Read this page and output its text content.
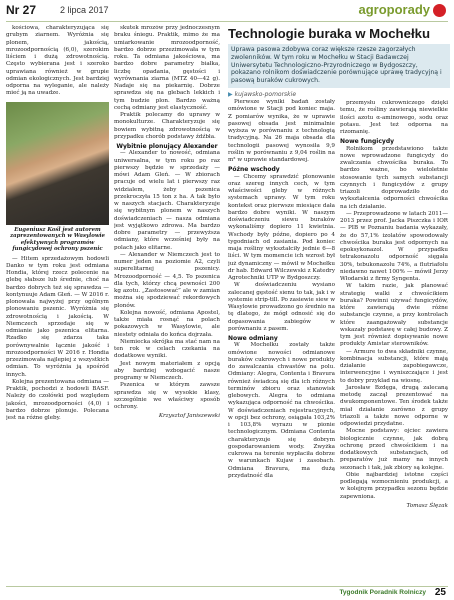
Nr 27	2 lipca 2017	agroporady

kościowa, charakteryzująca się grubym ziarnem. Wyróżnia się plonem, jakością, mrozoodpornością (6,0), szerokim liściem i dużą zdrowotnością. Często wybierana jest i szeroko uprawiana również w grupie odmian ekologicznych. Jest bardziej odporna na wyleganie, ale należy mieć ją na uwadze.

Eugeniusz Kośl jest autorem zaprezentowanych w Wasylowie efektywnych programów fungicydowej ochrony pszenic

— Hitem sprzedażowym hodowli Danko w tym roku jest odmiana Hondia, której rzecz polecenie na glebę słabsze lub średnie, choć na bardzo dobrych też się sprawdza — kontynuuje Adam Gleń. — W 2016 r. plonowała najwyżej przy ogólnym plonowaniu pszenic. Wyróżnia się zdrowotnością i jakością. W Niemczech sprzedaje się w odmianie jako pszenica elitarna. Rzadko się zdarza taka porównywalnie łącznie jakość i mrozoodporności W 2016 r. Hondia przezimowała najlepiej z wszystkich odmian. To wyróżnia ją spośród innych.

Kolejna prezentowana odmiana — Praktik, pochodzi z hodowli BASF. Należy do czołówki pod względem jakości, mrozoodporności (4,0) i bardzo dobrze plonuje. Polecana jest na różne gleby.

skutek mrozów przy jednoczesnym braku śniegu. Praktik, mimo że ma umiarkowanie mrozoodporność, bardzo dobrze przezimowała w tym roku. Ta odmiana jakościowa, ma bardzo dobre parametry białka, liczbę opadania, gęstości i wyrównania ziarna (MTZ 40—42 g). Nadaje się na piekarnię. Dobrze sprawdza się na glebach lekkich i tym budzie plon. Bardzo ważną cechą odmiany jest elastyczność.

Praktik polecamy do uprawy w monokulturze. Charakteryzuje się bowiem wybitną zdrowotnością w przypadku chorób podstawy źdźbła.

Wybitnie plonujący Alexander

— Alexander to nowość, odmiana uniwersalna, w tym roku po raz pierwszy będzie w sprzedaży — mówi Adam Gleń. — W zbiorach pracuje od wielu lat i pierwszy raz widzialem, żeby pszenica przekroczyła 15 ton z ha. A tak było w naszych stacjach. Charakteryzuje się wybitnym plonem w naszych doświadczeniach — nasza odmiana jest wyjątkowo zdrowa. Ma bardzo dobre parametry — przewyższa odmiany, które wcześniej były na polach jako elitarne.

— Alexander w Niemczech jest to numer jeden na poziomie A2, czyli superelitarnej pszenicy. Mrozoodporność — 4,5. To pszenica dla tych, którzy chcą pewności 200 kg azotu. „Zastosować” ale w zamian można się spodziewać rekordowych plonów.

Kolejna nowość, odmiana Apostel, także miała rosnąć na polach pokazowych w Wasylowie, ale niestety odniała do końca dojrzała.

Niemiecka skrójka ma stać nam na ten rok w celach czekania na dodatkowe wyniki.

Jest nowym materiałem z opcją aby bardziej wzbogacić nasze programy w Niemczech.

Pszenica w którym zawsze sprawdza się w wysokie klasy, szczególnie we właściwy sposób ochrony.

Krzysztof Janiszewski
Technologie buraka w Mochełku
Uprawa pasowa zdobywa coraz większe rzesze zagorzałych zwolenników. W tym roku w Mochełku w Stacji Badawczej Uniwersytetu Technologiczno-Przyrodniczego w Bydgoszczy, pokazano rolnikom doświadczenie porównujące uprawę tradycyjną i pasową buraków cukrowych.
▶ kujawsko-pomorskie

Pierwsze wyniki badań zostały omówione w Stacji pod koniec maja. Z pomiarów wynika, że w uprawie pasowej obsada jest minimalnie wyższa w porównaniu z technologią tradycyjną. Na 26 maja obsada dla technologii pasowej wynosiła 9,9 roślin w porównaniu z 9,04 roślin na m² w uprawie standardowej.

Późne wschody

— Chcemy sprawdzić plonowanie oraz szereg innych cech, w tym właściwości gleby w różnych systemach uprawy. W tym roku kontekst oraz pierwsze miesiące dała bardzo dobre wyniki. W naszym doświadczeniu siewu buraków wykonaliśmy dopiero 11 kwietnia. Wschody były późne, dopiero po 4 tygodniach od zasiania. Pod koniec maja rośliny wykształciły jednie 6—8 liści. W tym momencie ich wzrost był już dynamiczny — mówił w Mochełku dr hab. Edward Wilczewski z Katedry Agrotechniki UTP w Bydgoszczy.

W doświadczeniu wysiano zalecanej gęstość sienu to tak, jak i w systemie strip-till. Po zasiewie siew w Wasylowie prowadzono go średnio na tę dlatego, że mógł odnosić się do dopasowania zabiegów w porównaniu z pasem.

Nowe odmiany

W Mochełku zostały także omówione nowości odmianowe buraków cukrowych i nowe produkty do zawalczania chwastów na polu. Odmiany: Alegra, Contenta i Bravura również świadczą się dla ich różnych terminów zbioru oraz stanowisk glebowych. Alegra to odmiana wykazująca odporność na chwościka. W doświadczeniach rejestracyjnych, w opcji bez ochrony, osiągała 103,2% i 103,8% wyrazu w pionie technologicznym. Odmiana Contenta charakteryzuje się dobrym gospodarowaniem wody. Zwyżka cukrowa na terenie wypłaciła dobrze w warunkach Kujaw i zasobach. Odmiana Bravura, ma dużą przydatność dla

przemysłu cukrowniczego dzięki temu, że rośliny zawierają niewielkie ilości azotu α-aminowego, sodu oraz potasu. Jest też odporna na rizomanię.

Nowe fungicydy

Rolnikom przedstawiono także nowe wprowadzone fungicydy do zwalczania chwościka buraka. To bardzo ważne, bo wieloletnie stosowanie tych samych substancji czynnych i fungicydów z grupy triazoli doprowadziło do wykształcenia odporności chwościka na ich działanie.

— Przeprowadzone w latach 2011—2013 przez prof. Jacka Piszczka i IOR — PIB w Poznaniu badania wykazały, że do 57,1% izolatów spowodowały chwościka buraka jest odpornych na epoksykonazol. W przypadku tetrakonazolu odporność sięgała 30%, tebukonazolu 74%, a flutriafolu niedawno nawet 100% — mówił Jerzy Włodarski z firmy Syngenta.

W takim razie, jak planować strategię walki z chwościkiem buraka? Powinni używać fungicydów, które zawierają dwie różne substancje czynne, a przy kontrolach które zaangażowały substancje wskazały podstawę w całej budowy. Z tym jest również dopisywanie nowe produkty Amistar sterowników.

— Armure to dwa składniki czynne, kombinacja substancji, które mają działanie zapobiegawcze, interwencyjne i wyniszczające i jest to dobry przyklad na wiosnę.

Jarosław Bzdęga, drugą zalecaną metodę zaczął prezentować na dwukomponentowe. Ten środek także miał działanie zarówno z grupy triazoli a także nowe odporne w odpowiedzi przydatne.

Mocne podstawy: ojciec zawiera biologicznie czynne, jak dobrą ochronę przed chwościkiem i na dodatkowych substancjach, od preparatów już mamy na innych sezonach i tak, jak zbiory są kolejne.

Obie najbardziej istotne części podlegają wzmocnieniu produkcji, a w kolejnym przypadku sezonu będzie zapewniona.

Tomasz Ślęzak
Tygodnik Poradnik Rolniczy 25
